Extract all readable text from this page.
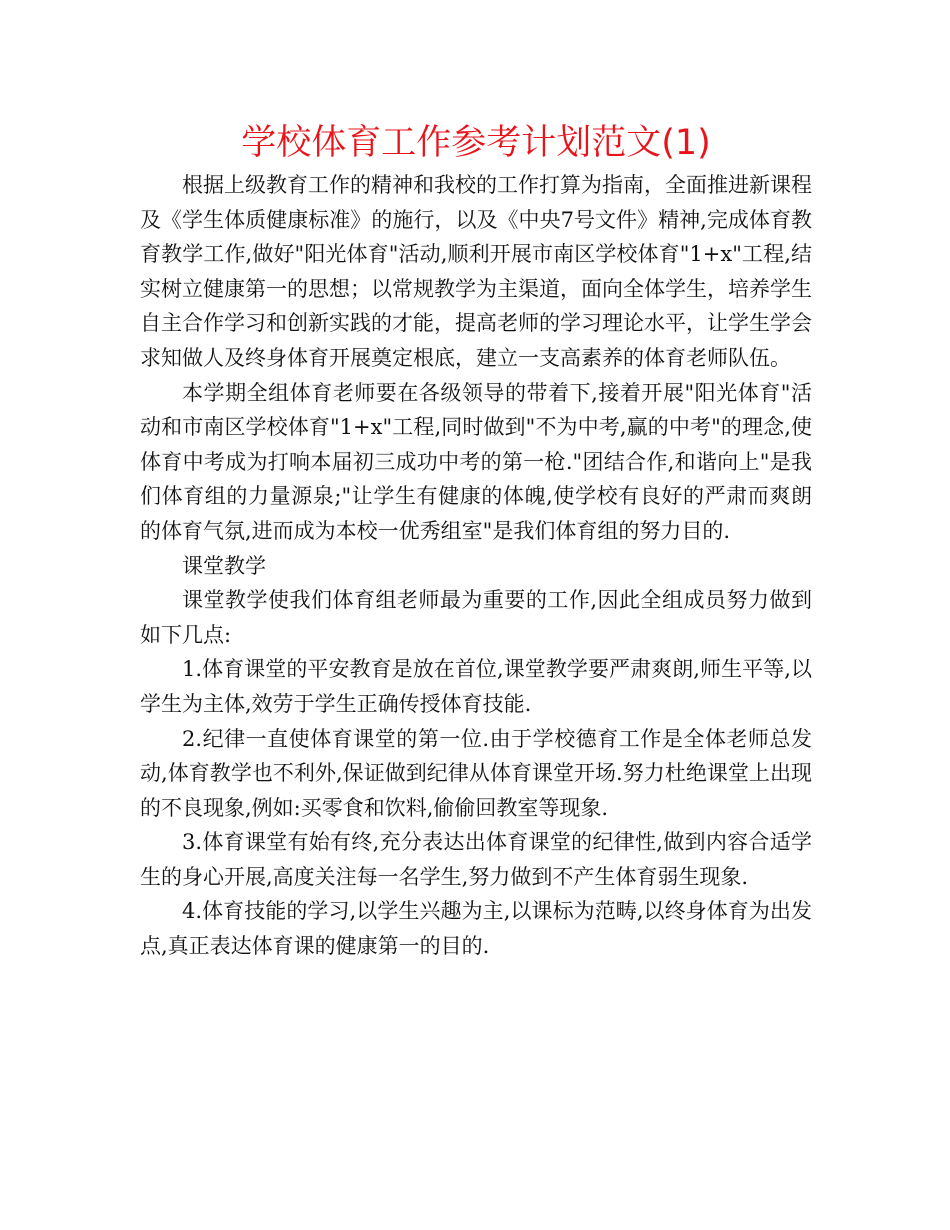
学校体育工作参考计划范文(1)

根据上级教育工作的精神和我校的工作打算为指南，全面推进新课程及《学生体质健康标准》的施行，以及《中央7号文件》精神,完成体育教育教学工作,做好"阳光体育"活动,顺利开展市南区学校体育"1+x"工程,结实树立健康第一的思想；以常规教学为主渠道，面向全体学生，培养学生自主合作学习和创新实践的才能，提高老师的学习理论水平，让学生学会求知做人及终身体育开展奠定根底，建立一支高素养的体育老师队伍。

本学期全组体育老师要在各级领导的带着下,接着开展"阳光体育"活动和市南区学校体育"1+x"工程,同时做到"不为中考,赢的中考"的理念,使体育中考成为打响本届初三成功中考的第一枪."团结合作,和谐向上"是我们体育组的力量源泉;"让学生有健康的体魄,使学校有良好的严肃而爽朗的体育气氛,进而成为本校一优秀组室"是我们体育组的努力目的.

课堂教学

课堂教学使我们体育组老师最为重要的工作,因此全组成员努力做到如下几点:

1.体育课堂的平安教育是放在首位,课堂教学要严肃爽朗,师生平等,以学生为主体,效劳于学生正确传授体育技能.

2.纪律一直使体育课堂的第一位.由于学校德育工作是全体老师总发动,体育教学也不利外,保证做到纪律从体育课堂开场.努力杜绝课堂上出现的不良现象,例如:买零食和饮料,偷偷回教室等现象.

3.体育课堂有始有终,充分表达出体育课堂的纪律性,做到内容合适学生的身心开展,高度关注每一名学生,努力做到不产生体育弱生现象.

4.体育技能的学习,以学生兴趣为主,以课标为范畴,以终身体育为出发点,真正表达体育课的健康第一的目的.
